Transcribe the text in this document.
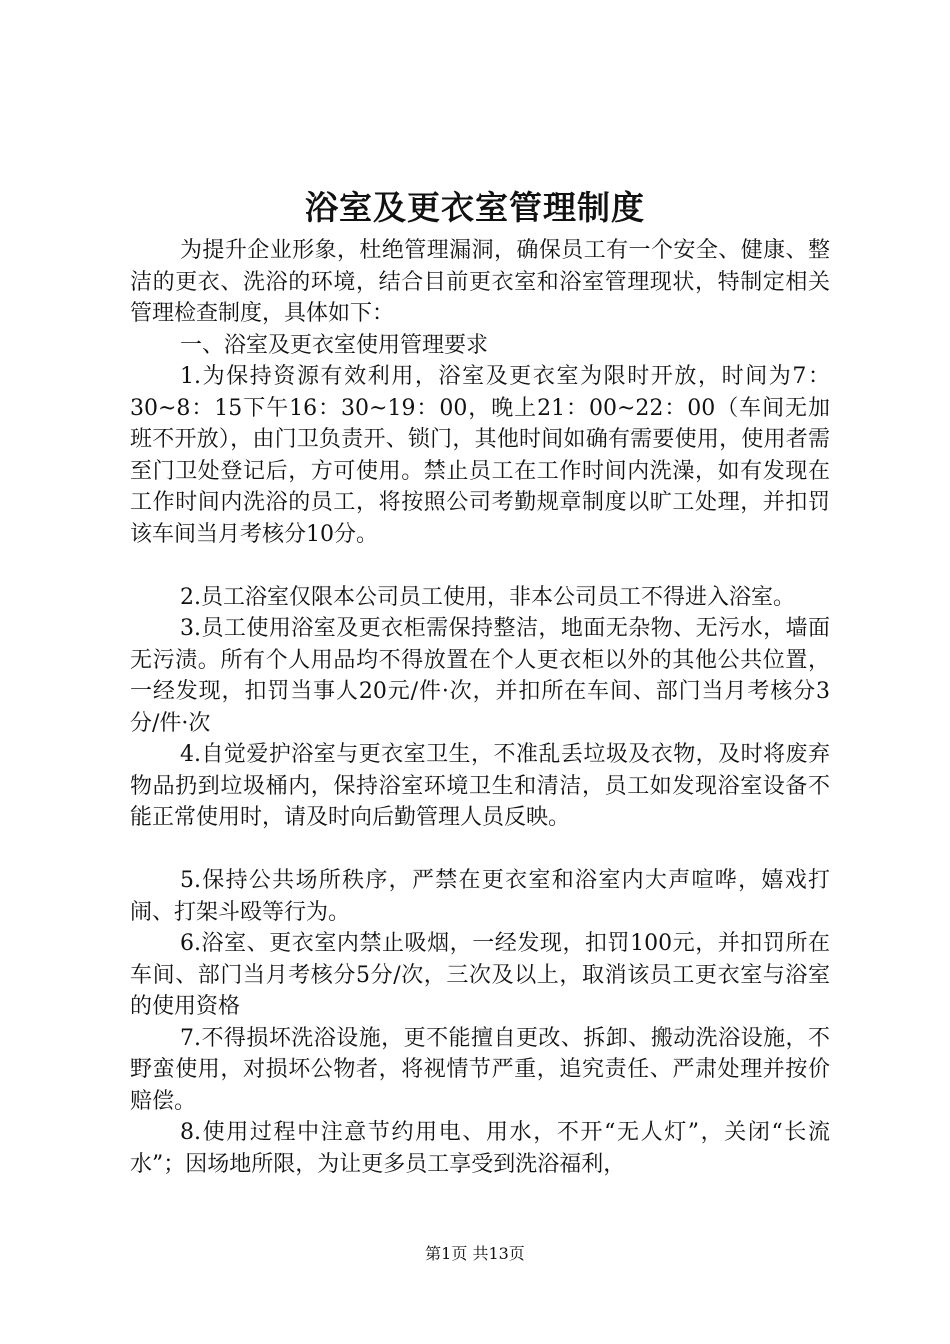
浴室及更衣室管理制度

为提升企业形象，杜绝管理漏洞，确保员工有一个安全、健康、整洁的更衣、洗浴的环境，结合目前更衣室和浴室管理现状，特制定相关管理检查制度，具体如下：

一、浴室及更衣室使用管理要求

1.为保持资源有效利用，浴室及更衣室为限时开放，时间为7：30~8：15下午16：30~19：00，晚上21：00~22：00（车间无加班不开放），由门卫负责开、锁门，其他时间如确有需要使用，使用者需至门卫处登记后，方可使用。禁止员工在工作时间内洗澡，如有发现在工作时间内洗浴的员工，将按照公司考勤规章制度以旷工处理，并扣罚该车间当月考核分10分。

2.员工浴室仅限本公司员工使用，非本公司员工不得进入浴室。

3.员工使用浴室及更衣柜需保持整洁，地面无杂物、无污水，墙面无污渍。所有个人用品均不得放置在个人更衣柜以外的其他公共位置，一经发现，扣罚当事人20元/件·次，并扣所在车间、部门当月考核分3分/件·次

4.自觉爱护浴室与更衣室卫生，不准乱丢垃圾及衣物，及时将废弃物品扔到垃圾桶内，保持浴室环境卫生和清洁，员工如发现浴室设备不能正常使用时，请及时向后勤管理人员反映。

5.保持公共场所秩序，严禁在更衣室和浴室内大声喧哗，嬉戏打闹、打架斗殴等行为。

6.浴室、更衣室内禁止吸烟，一经发现，扣罚100元，并扣罚所在车间、部门当月考核分5分/次，三次及以上，取消该员工更衣室与浴室的使用资格

7.不得损坏洗浴设施，更不能擅自更改、拆卸、搬动洗浴设施，不野蛮使用，对损坏公物者，将视情节严重，追究责任、严肃处理并按价赔偿。

8.使用过程中注意节约用电、用水，不开“无人灯”，关闭“长流水”；因场地所限，为让更多员工享受到洗浴福利，

第1页 共13页
